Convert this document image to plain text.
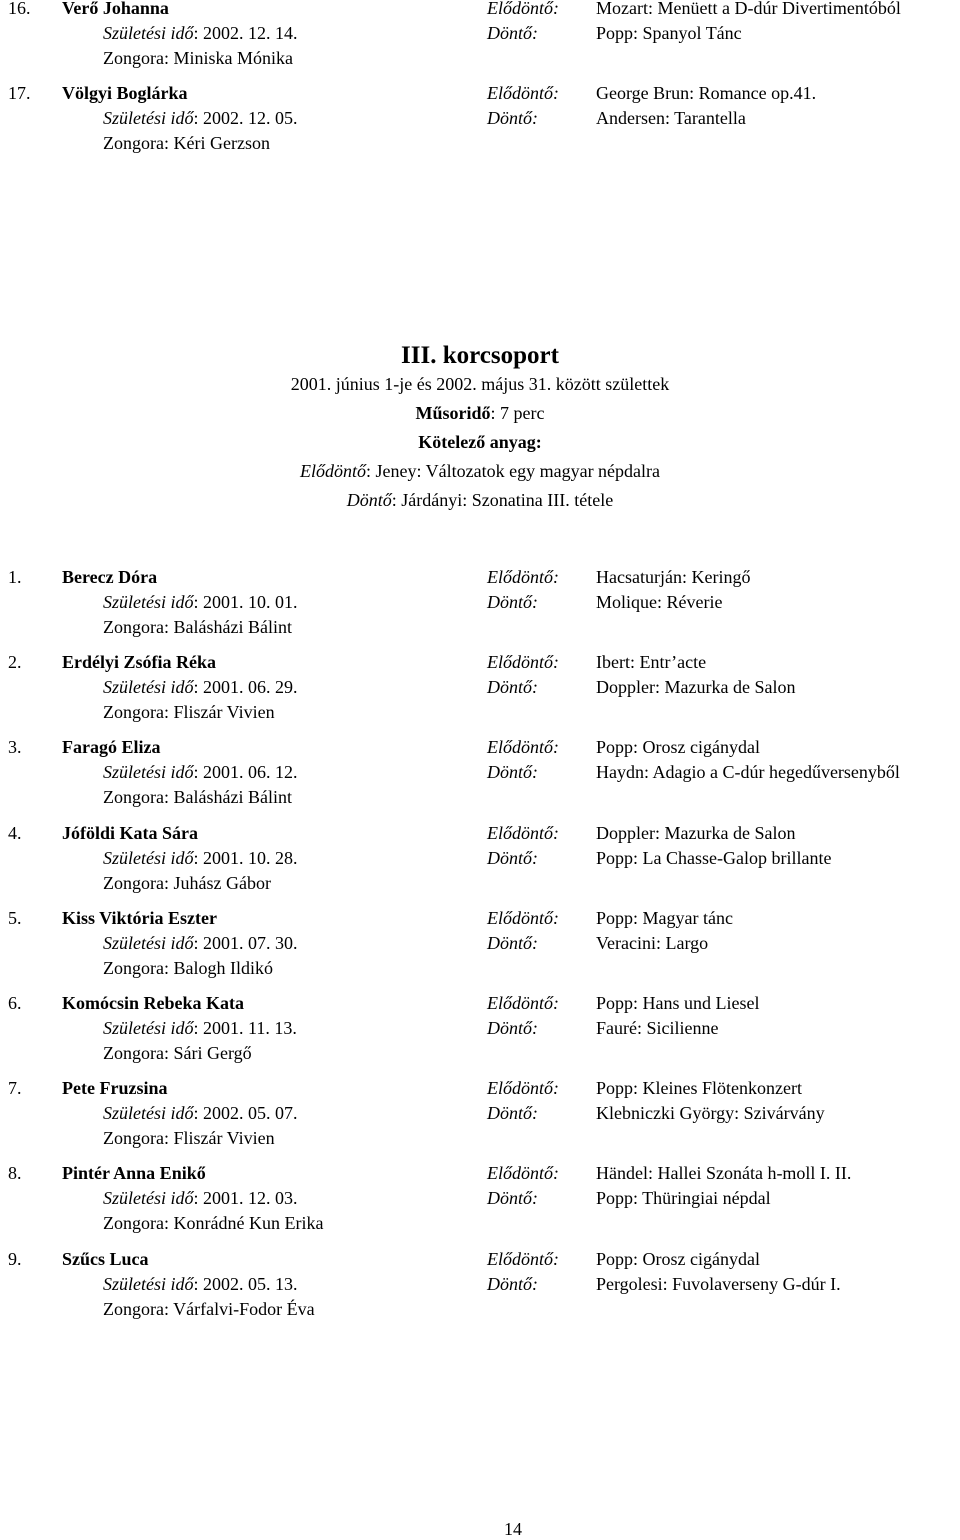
16. Verő Johanna	Elődöntő: Mozart: Menüett a D-dúr Divertimentóból
Döntő:	Popp: Spanyol Tánc
Születési idő: 2002. 12. 14.
Zongora: Miniska Mónika
17. Völgyi Boglárka	Elődöntő: George Brun: Romance op.41.
Döntő:	Andersen: Tarantella
Születési idő: 2002. 12. 05.
Zongora: Kéri Gerzson
III. korcsoport
2001. június 1-je és 2002. május 31. között születtek
Műsoridő: 7 perc
Kötelező anyag:
Elődöntő: Jeney: Változatok egy magyar népdalra
Döntő: Járdányi: Szonatina III. tétele
1. Berecz Dóra	Elődöntő: Hacsaturján: Keringő
Döntő:	Molique: Réverie
Születési idő: 2001. 10. 01.
Zongora: Balásházi Bálint
2. Erdélyi Zsófia Réka	Elődöntő: Ibert: Entr’acte
Döntő:	Doppler: Mazurka de Salon
Születési idő: 2001. 06. 29.
Zongora: Fliszár Vivien
3. Faragó Eliza	Elődöntő: Popp: Orosz cigánydal
Döntő:	Haydn: Adagio a C-dúr hegedűversenyből
Születési idő: 2001. 06. 12.
Zongora: Balásházi Bálint
4. Jóföldi Kata Sára	Elődöntő: Doppler: Mazurka de Salon
Döntő:	Popp: La Chasse-Galop brillante
Születési idő: 2001. 10. 28.
Zongora: Juhász Gábor
5. Kiss Viktória Eszter	Elődöntő: Popp: Magyar tánc
Döntő:	Veracini: Largo
Születési idő: 2001. 07. 30.
Zongora: Balogh Ildikó
6. Komócsin Rebeka Kata	Elődöntő: Popp: Hans und Liesel
Döntő:	Fauré: Sicilienne
Születési idő: 2001. 11. 13.
Zongora: Sári Gergő
7. Pete Fruzsina	Elődöntő: Popp: Kleines Flötenkonzert
Döntő:	Klebniczki György: Szivárvány
Születési idő: 2002. 05. 07.
Zongora: Fliszár Vivien
8. Pintér Anna Enikő	Elődöntő: Händel: Hallei Szonáta h-moll I. II.
Döntő:	Popp: Thüringiai népdal
Születési idő: 2001. 12. 03.
Zongora: Konrádné Kun Erika
9. Szűcs Luca	Elődöntő: Popp: Orosz cigánydal
Döntő:	Pergolesi: Fuvolaverseny G-dúr I.
Születési idő: 2002. 05. 13.
Zongora: Várfalvi-Fodor Éva
14
